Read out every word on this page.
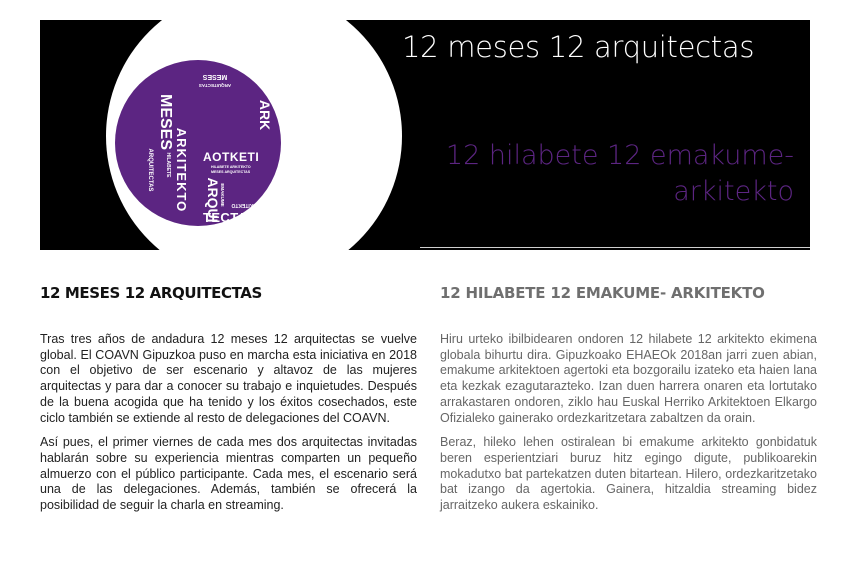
MESES
ARQUITECTAS
ARKITEKTO
MESES
ARQUITECTAS HILABETE
ARK
AOTKETI
HILABETE ARKITEKTO
MESES ARQUITECTAS
ARQUI EMAKUME ARKITEKTO
TECTAS
///// 12 meses 12 arquitectas
12 hilabete 12 emakume-
arkitekto
12 MESES 12 ARQUITECTAS	12 HILABETE 12 EMAKUME- ARKITEKTO

Tras tres años de andadura 12 meses 12 arquitectas se vuelve global. El COAVN Gipuzkoa puso en marcha esta iniciativa en 2018 con el objetivo de ser escenario y altavoz de las mujeres arquitectas y para dar a conocer su trabajo e inquietudes. Después de la buena acogida que ha tenido y los éxitos cosechados, este ciclo también se extiende al resto de delegaciones del COAVN.

Así pues, el primer viernes de cada mes dos arquitectas invitadas hablarán sobre su experiencia mientras comparten un pequeño almuerzo con el público participante. Cada mes, el escenario será una de las delegaciones. Además, también se ofrecerá la posibilidad de seguir la charla en streaming.

Hiru urteko ibilbidearen ondoren 12 hilabete 12 arkitekto ekimena globala bihurtu dira. Gipuzkoako EHAEOk 2018an jarri zuen abian, emakume arkitektoen agertoki eta bozgorailu izateko eta haien lana eta kezkak ezagutarazteko. Izan duen harrera onaren eta lortutako arrakastaren ondoren, ziklo hau Euskal Herriko Arkitektoen Elkargo Ofizialeko gainerako ordezkaritzetara zabaltzen da orain.

Beraz, hileko lehen ostiralean bi emakume arkitekto gonbidatuk beren esperientziari buruz hitz egingo digute, publikoarekin mokadutxo bat partekatzen duten bitartean. Hilero, ordezkaritzetako bat izango da agertokia. Gainera, hitzaldia streaming bidez jarraitzeko aukera eskainiko.
